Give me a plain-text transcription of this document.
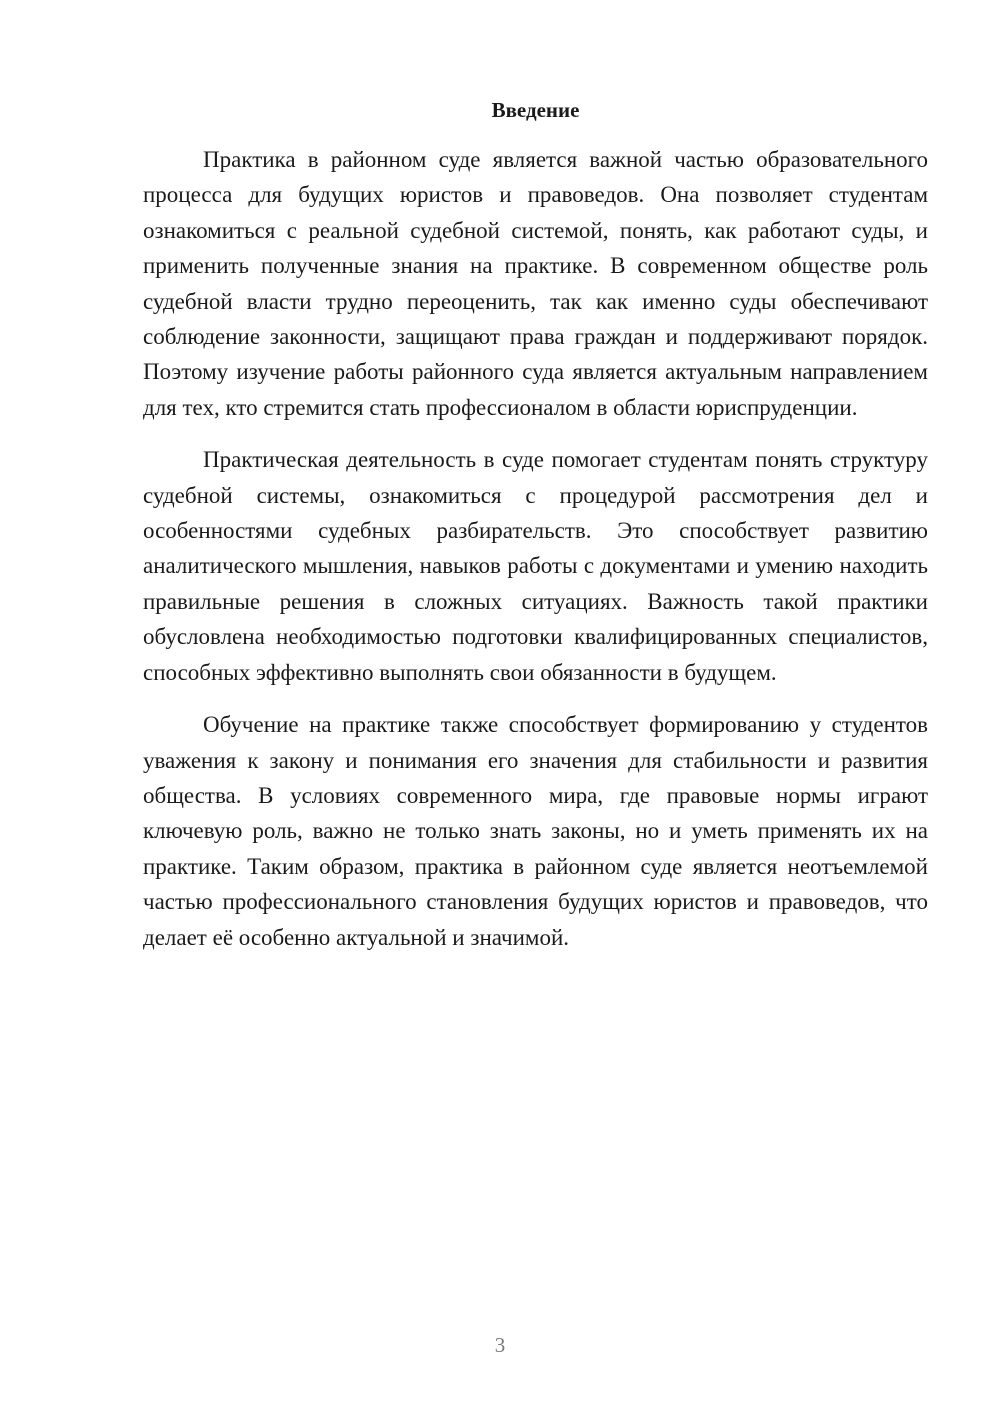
Введение

Практика в районном суде является важной частью образовательного процесса для будущих юристов и правоведов. Она позволяет студентам ознакомиться с реальной судебной системой, понять, как работают суды, и применить полученные знания на практике. В современном обществе роль судебной власти трудно переоценить, так как именно суды обеспечивают соблюдение законности, защищают права граждан и поддерживают порядок. Поэтому изучение работы районного суда является актуальным направлением для тех, кто стремится стать профессионалом в области юриспруденции.

Практическая деятельность в суде помогает студентам понять структуру судебной системы, ознакомиться с процедурой рассмотрения дел и особенностями судебных разбирательств. Это способствует развитию аналитического мышления, навыков работы с документами и умению находить правильные решения в сложных ситуациях. Важность такой практики обусловлена необходимостью подготовки квалифицированных специалистов, способных эффективно выполнять свои обязанности в будущем.

Обучение на практике также способствует формированию у студентов уважения к закону и понимания его значения для стабильности и развития общества. В условиях современного мира, где правовые нормы играют ключевую роль, важно не только знать законы, но и уметь применять их на практике. Таким образом, практика в районном суде является неотъемлемой частью профессионального становления будущих юристов и правоведов, что делает её особенно актуальной и значимой.

3
